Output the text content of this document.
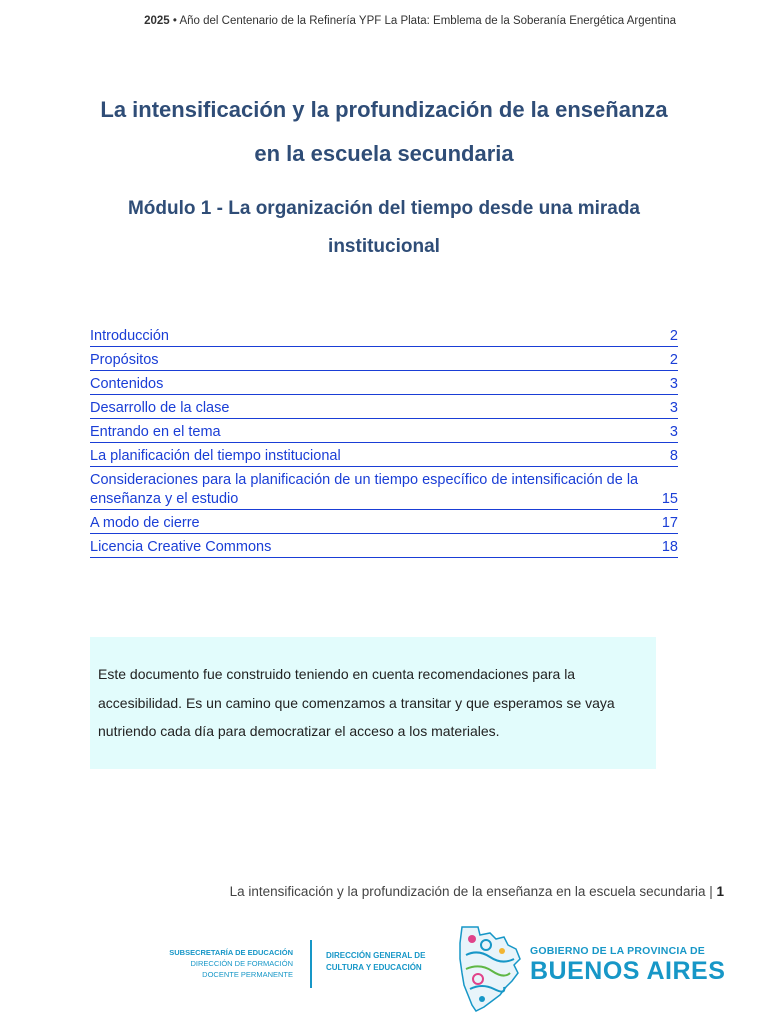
2025 • Año del Centenario de la Refinería YPF La Plata: Emblema de la Soberanía Energética Argentina
La intensificación y la profundización de la enseñanza
en la escuela secundaria
Módulo 1 - La organización del tiempo desde una mirada
institucional
Introducción	2
Propósitos	2
Contenidos	3
Desarrollo de la clase	3
Entrando en el tema	3
La planificación del tiempo institucional	8
Consideraciones para la planificación de un tiempo específico de intensificación de la enseñanza y el estudio	15
A modo de cierre	17
Licencia Creative Commons	18
Este documento fue construido teniendo en cuenta recomendaciones para la accesibilidad. Es un camino que comenzamos a transitar y que esperamos se vaya nutriendo cada día para democratizar el acceso a los materiales.
La intensificación y la profundización de la enseñanza en la escuela secundaria | 1
SUBSECRETARÍA DE EDUCACIÓN
DIRECCIÓN DE FORMACIÓN
DOCENTE PERMANENTE
DIRECCIÓN GENERAL DE
CULTURA Y EDUCACIÓN
GOBIERNO DE LA PROVINCIA DE
BUENOS AIRES
